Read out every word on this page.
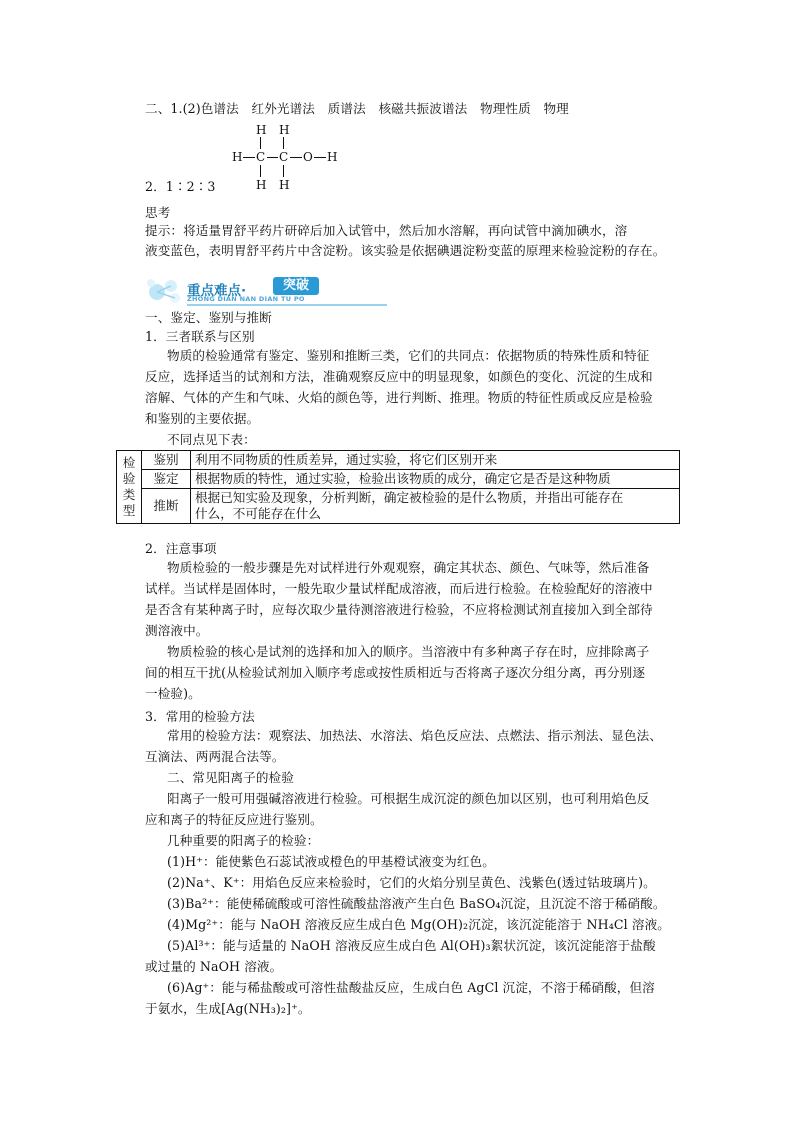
二、1.(2)色谱法　红外光谱法　质谱法　核磁共振波谱法　物理性质　物理
H H
H C C O H
H H
2．1∶2∶3
思考
提示：将适量胃舒平药片研碎后加入试管中，然后加水溶解，再向试管中滴加碘水，溶
液变蓝色，表明胃舒平药片中含淀粉。该实验是依据碘遇淀粉变蓝的原理来检验淀粉的存在。
重点难点·	突破
ZHONG DIAN NAN DIAN TU PO
一、鉴定、鉴别与推断
1．三者联系与区别
物质的检验通常有鉴定、鉴别和推断三类，它们的共同点：依据物质的特殊性质和特征
反应，选择适当的试剂和方法，准确观察反应中的明显现象，如颜色的变化、沉淀的生成和
溶解、气体的产生和气味、火焰的颜色等，进行判断、推理。物质的特征性质或反应是检验
和鉴别的主要依据。
不同点见下表：
检
验
类
型	鉴别	利用不同物质的性质差异，通过实验，将它们区别开来
	鉴定	根据物质的特性，通过实验，检验出该物质的成分，确定它是否是这种物质
	推断	根据已知实验及现象，分析判断，确定被检验的是什么物质，并指出可能存在
什么，不可能存在什么
2．注意事项
物质检验的一般步骤是先对试样进行外观观察，确定其状态、颜色、气味等，然后准备
试样。当试样是固体时，一般先取少量试样配成溶液，而后进行检验。在检验配好的溶液中
是否含有某种离子时，应每次取少量待测溶液进行检验，不应将检测试剂直接加入到全部待
测溶液中。
物质检验的核心是试剂的选择和加入的顺序。当溶液中有多种离子存在时，应排除离子
间的相互干扰(从检验试剂加入顺序考虑或按性质相近与否将离子逐次分组分离，再分别逐
一检验)。
3．常用的检验方法
常用的检验方法：观察法、加热法、水溶法、焰色反应法、点燃法、指示剂法、显色法、
互滴法、两两混合法等。
二、常见阳离子的检验
阳离子一般可用强碱溶液进行检验。可根据生成沉淀的颜色加以区别，也可利用焰色反
应和离子的特征反应进行鉴别。
几种重要的阳离子的检验：
(1)H⁺：能使紫色石蕊试液或橙色的甲基橙试液变为红色。
(2)Na⁺、K⁺：用焰色反应来检验时，它们的火焰分别呈黄色、浅紫色(透过钴玻璃片)。
(3)Ba²⁺：能使稀硫酸或可溶性硫酸盐溶液产生白色 BaSO₄沉淀，且沉淀不溶于稀硝酸。
(4)Mg²⁺：能与 NaOH 溶液反应生成白色 Mg(OH)₂沉淀，该沉淀能溶于 NH₄Cl 溶液。
(5)Al³⁺：能与适量的 NaOH 溶液反应生成白色 Al(OH)₃絮状沉淀，该沉淀能溶于盐酸
或过量的 NaOH 溶液。
(6)Ag⁺：能与稀盐酸或可溶性盐酸盐反应，生成白色 AgCl 沉淀，不溶于稀硝酸，但溶
于氨水，生成[Ag(NH₃)₂]⁺。
